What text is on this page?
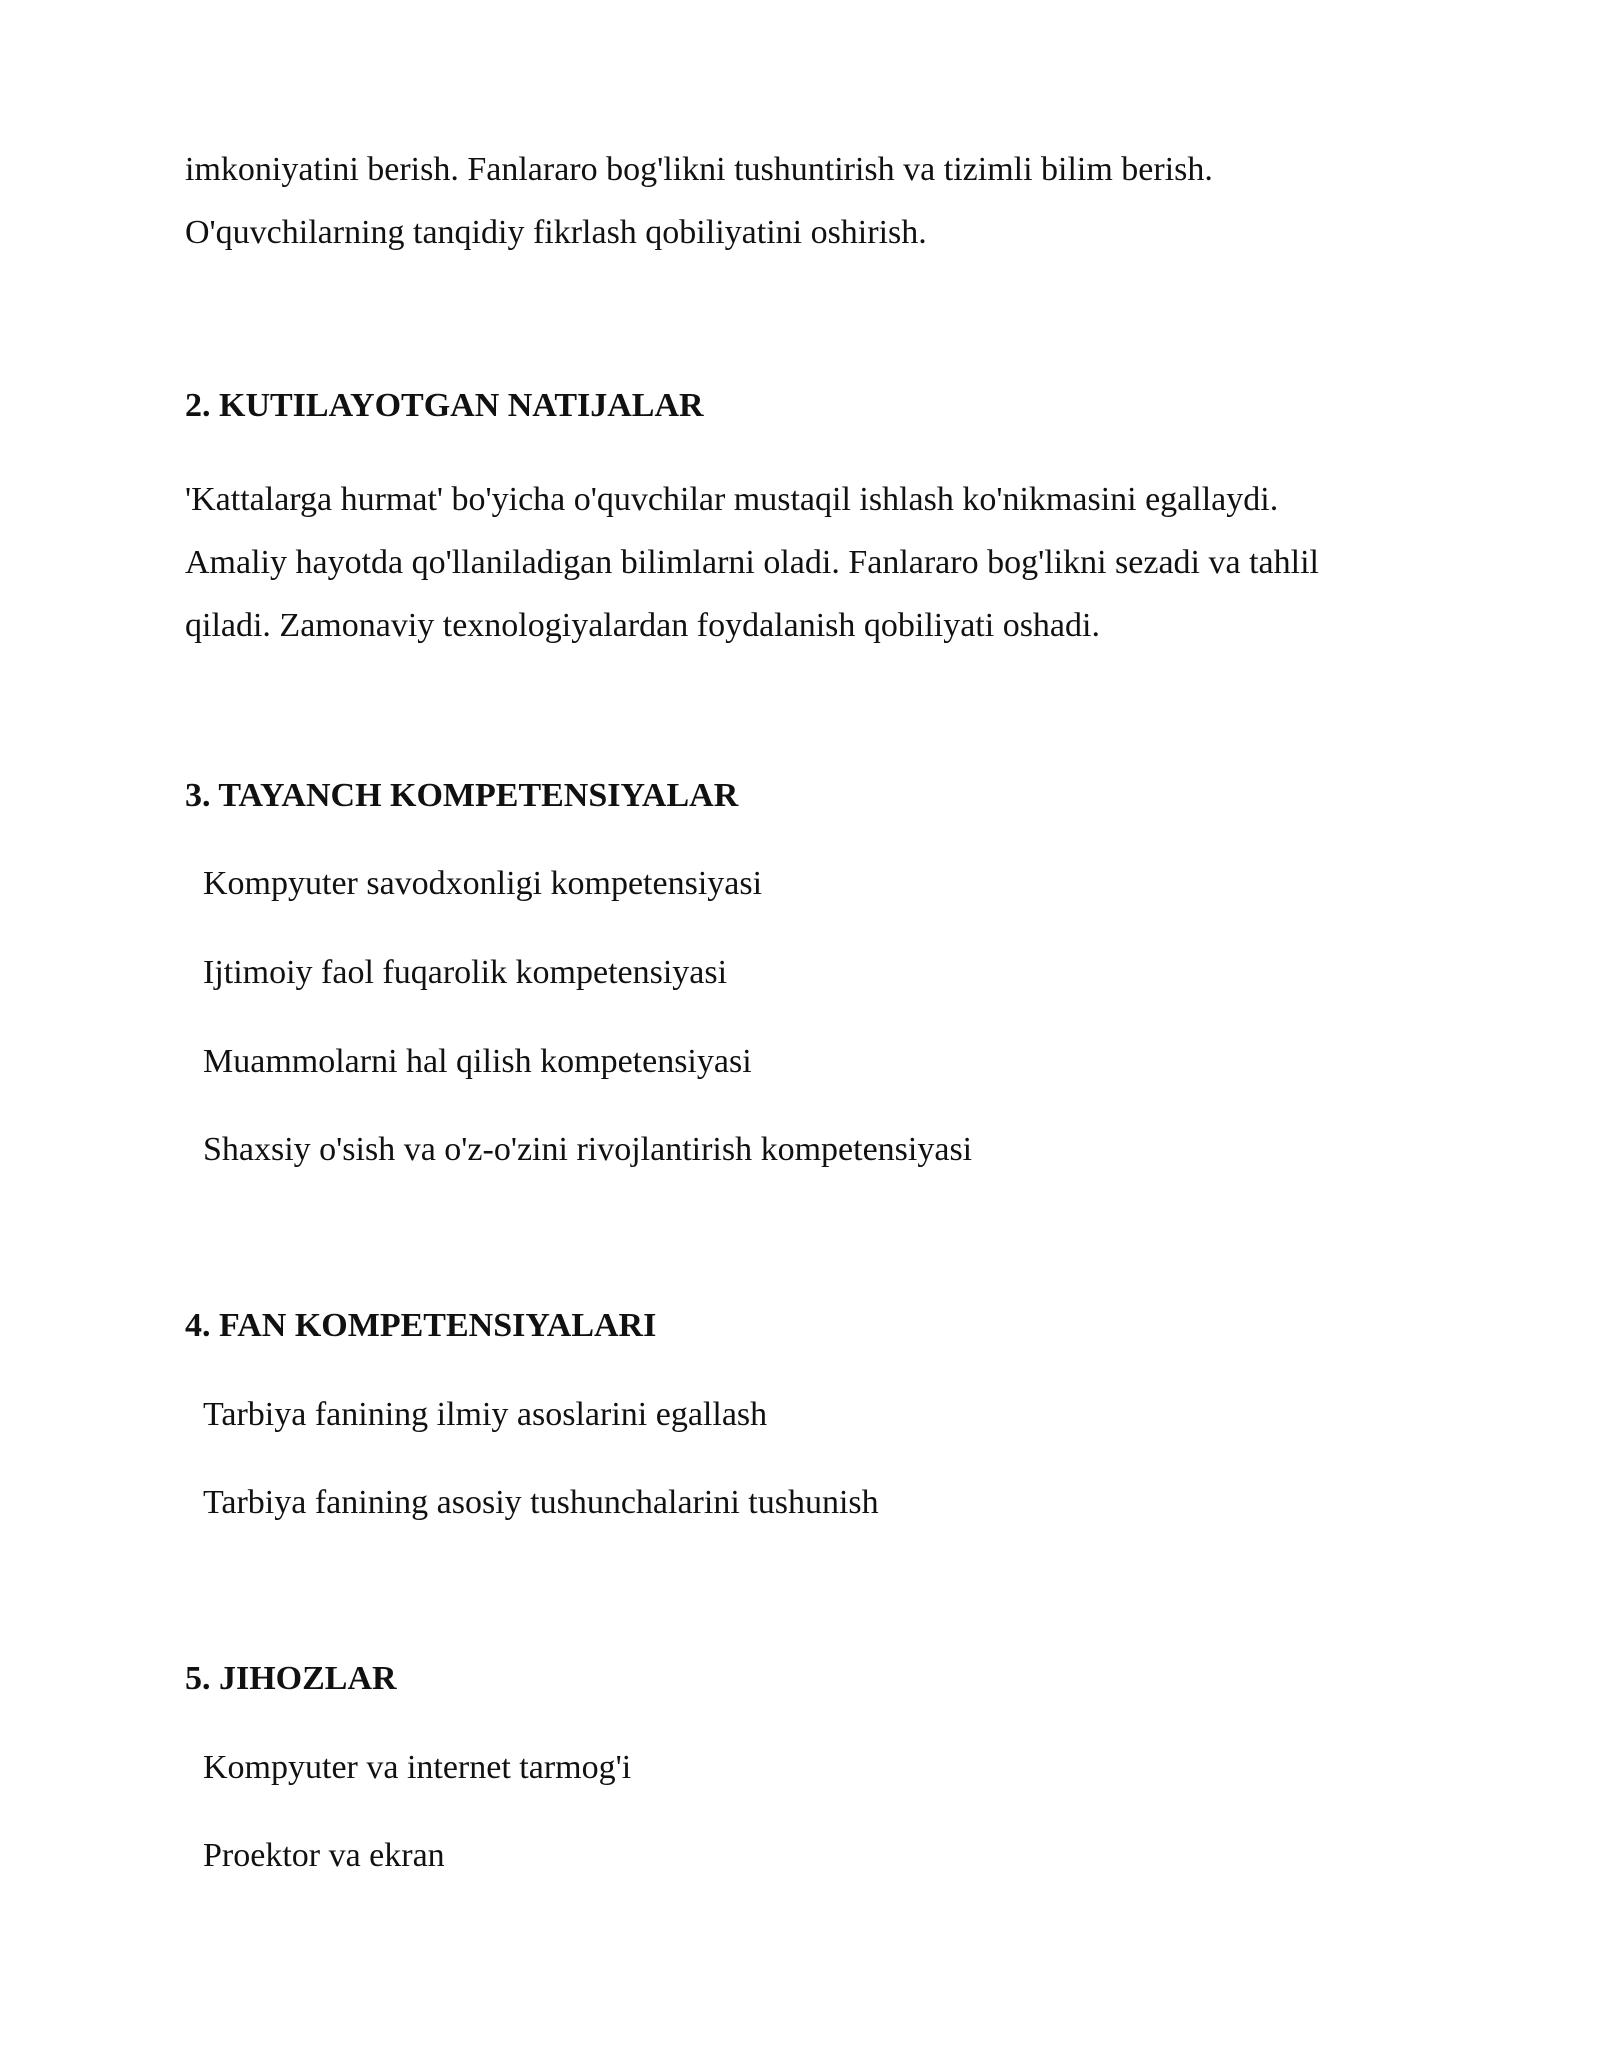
imkoniyatini berish. Fanlararo bog'likni tushuntirish va tizimli bilim berish.
O'quvchilarning tanqidiy fikrlash qobiliyatini oshirish.

2. KUTILAYOTGAN NATIJALAR

'Kattalarga hurmat' bo'yicha o'quvchilar mustaqil ishlash ko'nikmasini egallaydi.
Amaliy hayotda qo'llaniladigan bilimlarni oladi. Fanlararo bog'likni sezadi va tahlil
qiladi. Zamonaviy texnologiyalardan foydalanish qobiliyati oshadi.

3. TAYANCH KOMPETENSIYALAR
Kompyuter savodxonligi kompetensiyasi
Ijtimoiy faol fuqarolik kompetensiyasi
Muammolarni hal qilish kompetensiyasi
Shaxsiy o'sish va o'z-o'zini rivojlantirish kompetensiyasi
4. FAN KOMPETENSIYALARI
Tarbiya fanining ilmiy asoslarini egallash
Tarbiya fanining asosiy tushunchalarini tushunish
5. JIHOZLAR
Kompyuter va internet tarmog'i
Proektor va ekran
